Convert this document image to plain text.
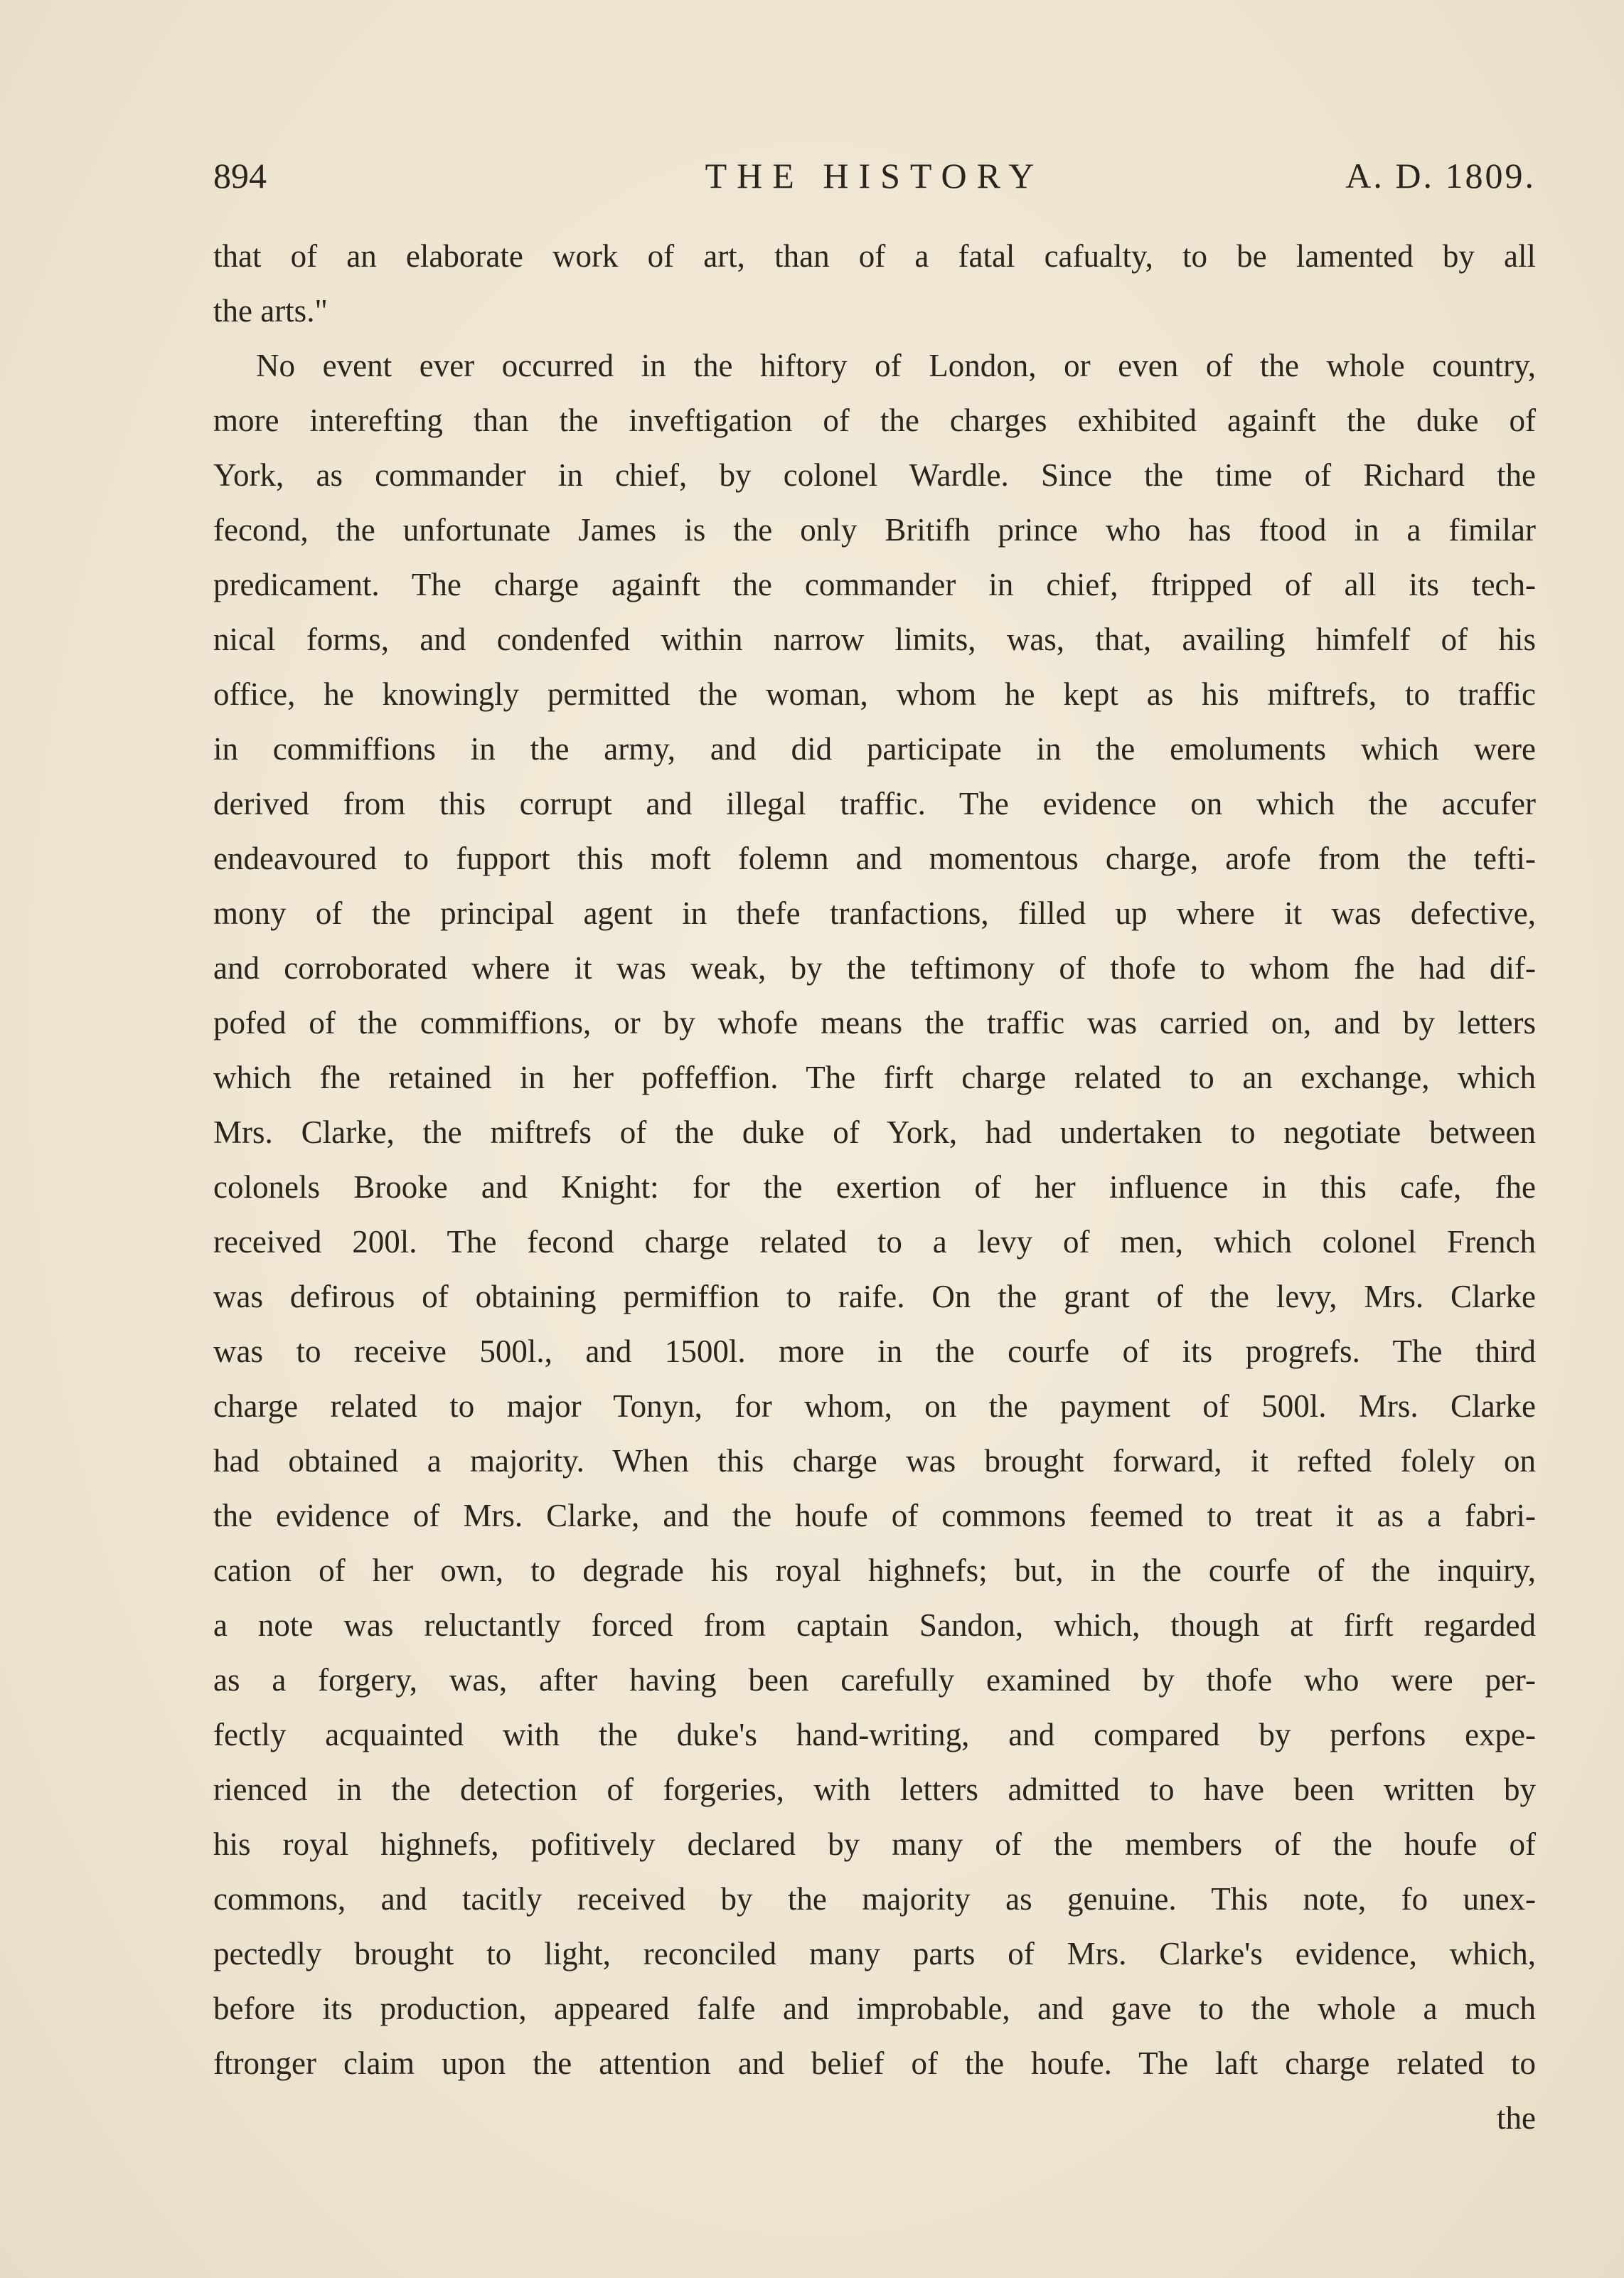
894	THE HISTORY	A. D. 1809.
that of an elaborate work of art, than of a fatal cafualty, to be lamented by all
the arts."
No event ever occurred in the hiftory of London, or even of the whole country,
more interefting than the inveftigation of the charges exhibited againft the duke of
York, as commander in chief, by colonel Wardle. Since the time of Richard the
fecond, the unfortunate James is the only Britifh prince who has ftood in a fimilar
predicament. The charge againft the commander in chief, ftripped of all its tech-
nical forms, and condenfed within narrow limits, was, that, availing himfelf of his
office, he knowingly permitted the woman, whom he kept as his miftrefs, to traffic
in commiffions in the army, and did participate in the emoluments which were
derived from this corrupt and illegal traffic. The evidence on which the accufer
endeavoured to fupport this moft folemn and momentous charge, arofe from the tefti-
mony of the principal agent in thefe tranfactions, filled up where it was defective,
and corroborated where it was weak, by the teftimony of thofe to whom fhe had dif-
pofed of the commiffions, or by whofe means the traffic was carried on, and by letters
which fhe retained in her poffeffion. The firft charge related to an exchange, which
Mrs. Clarke, the miftrefs of the duke of York, had undertaken to negotiate between
colonels Brooke and Knight: for the exertion of her influence in this cafe, fhe
received 200l. The fecond charge related to a levy of men, which colonel French
was defirous of obtaining permiffion to raife. On the grant of the levy, Mrs. Clarke
was to receive 500l., and 1500l. more in the courfe of its progrefs. The third
charge related to major Tonyn, for whom, on the payment of 500l. Mrs. Clarke
had obtained a majority. When this charge was brought forward, it refted folely on
the evidence of Mrs. Clarke, and the houfe of commons feemed to treat it as a fabri-
cation of her own, to degrade his royal highnefs; but, in the courfe of the inquiry,
a note was reluctantly forced from captain Sandon, which, though at firft regarded
as a forgery, was, after having been carefully examined by thofe who were per-
fectly acquainted with the duke's hand-writing, and compared by perfons expe-
rienced in the detection of forgeries, with letters admitted to have been written by
his royal highnefs, pofitively declared by many of the members of the houfe of
commons, and tacitly received by the majority as genuine. This note, fo unex-
pectedly brought to light, reconciled many parts of Mrs. Clarke's evidence, which,
before its production, appeared falfe and improbable, and gave to the whole a much
ftronger claim upon the attention and belief of the houfe. The laft charge related to
the
